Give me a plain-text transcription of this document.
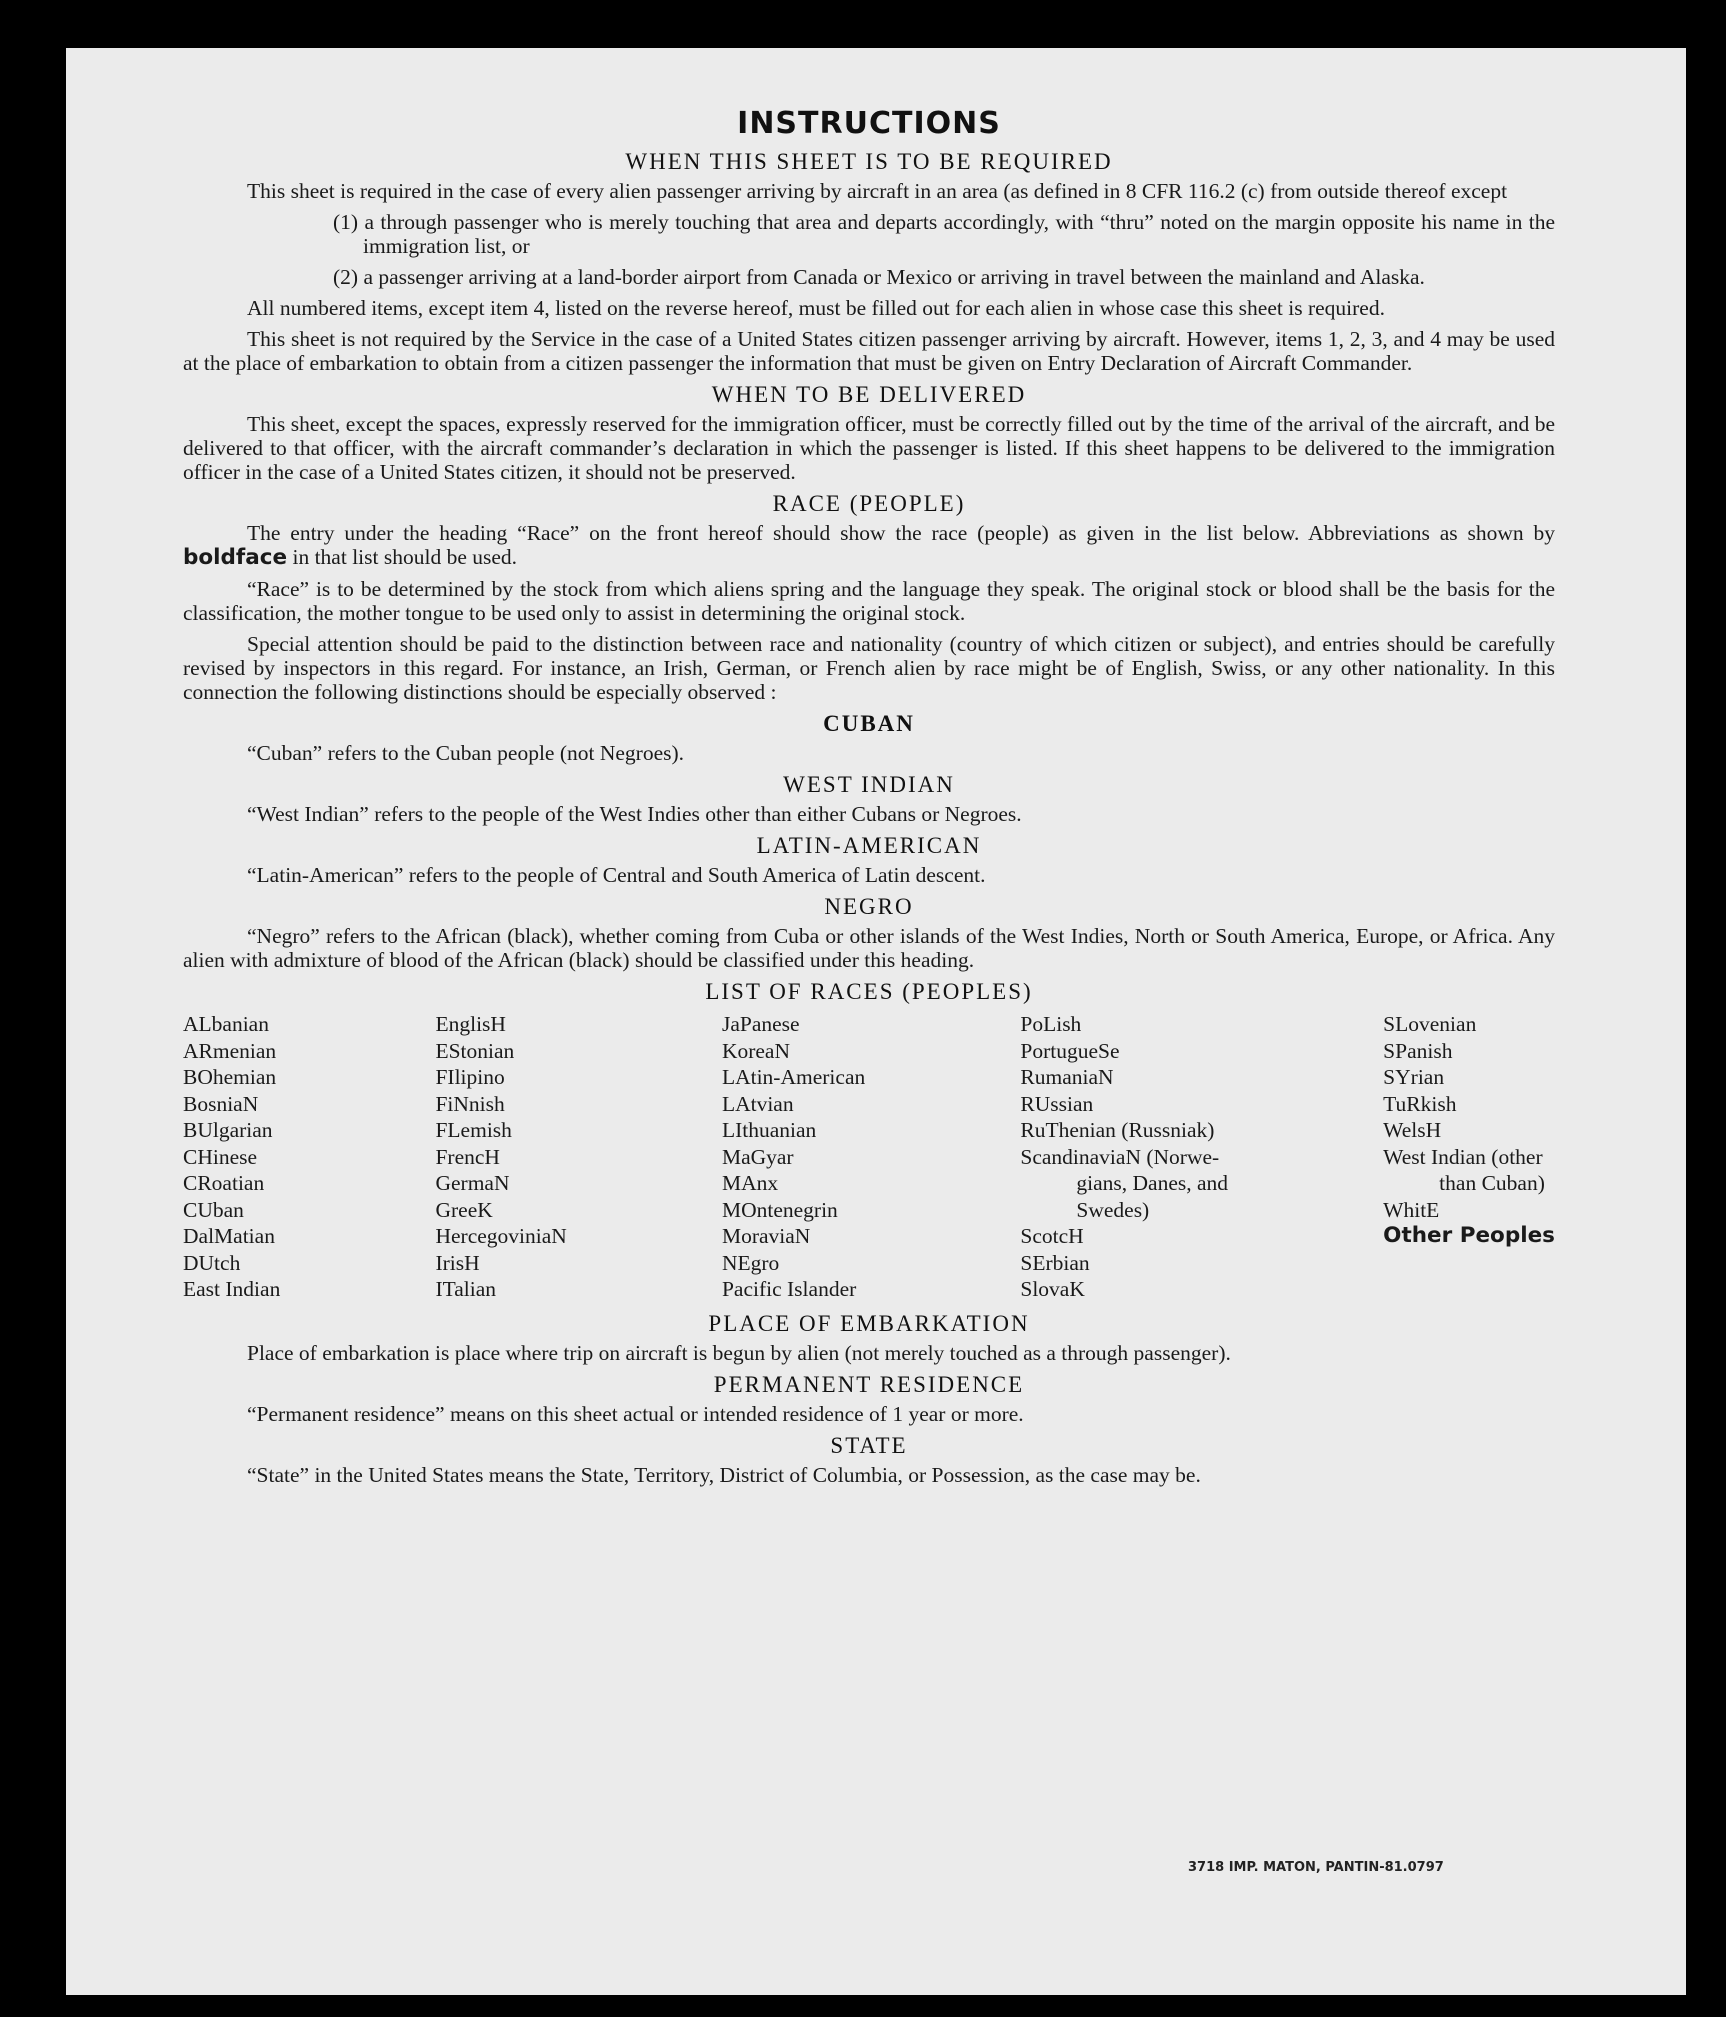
INSTRUCTIONS
WHEN THIS SHEET IS TO BE REQUIRED

This sheet is required in the case of every alien passenger arriving by aircraft in an area (as defined in 8 CFR 116.2 (c) from outside thereof except

(1) a through passenger who is merely touching that area and departs accordingly, with “thru” noted on the margin opposite his name in the immigration list, or
(2) a passenger arriving at a land-border airport from Canada or Mexico or arriving in travel between the mainland and Alaska.

All numbered items, except item 4, listed on the reverse hereof, must be filled out for each alien in whose case this sheet is required.

This sheet is not required by the Service in the case of a United States citizen passenger arriving by aircraft. However, items 1, 2, 3, and 4 may be used at the place of embarkation to obtain from a citizen passenger the information that must be given on Entry Declaration of Aircraft Commander.

WHEN TO BE DELIVERED

This sheet, except the spaces, expressly reserved for the immigration officer, must be correctly filled out by the time of the arrival of the aircraft, and be delivered to that officer, with the aircraft commander’s declaration in which the passenger is listed. If this sheet happens to be delivered to the immigration officer in the case of a United States citizen, it should not be preserved.

RACE (PEOPLE)

The entry under the heading “Race” on the front hereof should show the race (people) as given in the list below. Abbreviations as shown by boldface in that list should be used.

“Race” is to be determined by the stock from which aliens spring and the language they speak. The original stock or blood shall be the basis for the classification, the mother tongue to be used only to assist in determining the original stock.

Special attention should be paid to the distinction between race and nationality (country of which citizen or subject), and entries should be carefully revised by inspectors in this regard. For instance, an Irish, German, or French alien by race might be of English, Swiss, or any other nationality. In this connection the following distinctions should be especially observed :

CUBAN

“Cuban” refers to the Cuban people (not Negroes).

WEST INDIAN

“West Indian” refers to the people of the West Indies other than either Cubans or Negroes.

LATIN-AMERICAN

“Latin-American” refers to the people of Central and South America of Latin descent.

NEGRO

“Negro” refers to the African (black), whether coming from Cuba or other islands of the West Indies, North or South America, Europe, or Africa. Any alien with admixture of blood of the African (black) should be classified under this heading.

LIST OF RACES (PEOPLES)
ALbanian
ARmenian
BOhemian
BosniaN
BUlgarian
CHinese
CRoatian
CUban
DalMatian
DUtch
East Indian
EnglisH
EStonian
FIlipino
FiNnish
FLemish
FrencH
GermaN
GreeK
HercegoviniaN
IrisH
ITalian
JaPanese
KoreaN
LAtin-American
LAtvian
LIthuanian
MaGyar
MAnx
MOntenegrin
MoraviaN
NEgro
Pacific Islander
PoLish
PortugueSe
RumaniaN
RUssian
RuThenian (Russniak)
ScandinaviaN (Norwe-
gians, Danes, and
Swedes)
ScotcH
SErbian
SlovaK
SLovenian
SPanish
SYrian
TuRkish
WelsH
West Indian (other
than Cuban)
WhitE
Other Peoples
PLACE OF EMBARKATION

Place of embarkation is place where trip on aircraft is begun by alien (not merely touched as a through passenger).

PERMANENT RESIDENCE

“Permanent residence” means on this sheet actual or intended residence of 1 year or more.

STATE

“State” in the United States means the State, Territory, District of Columbia, or Possession, as the case may be.

3718 IMP. MATON, PANTIN-81.0797
